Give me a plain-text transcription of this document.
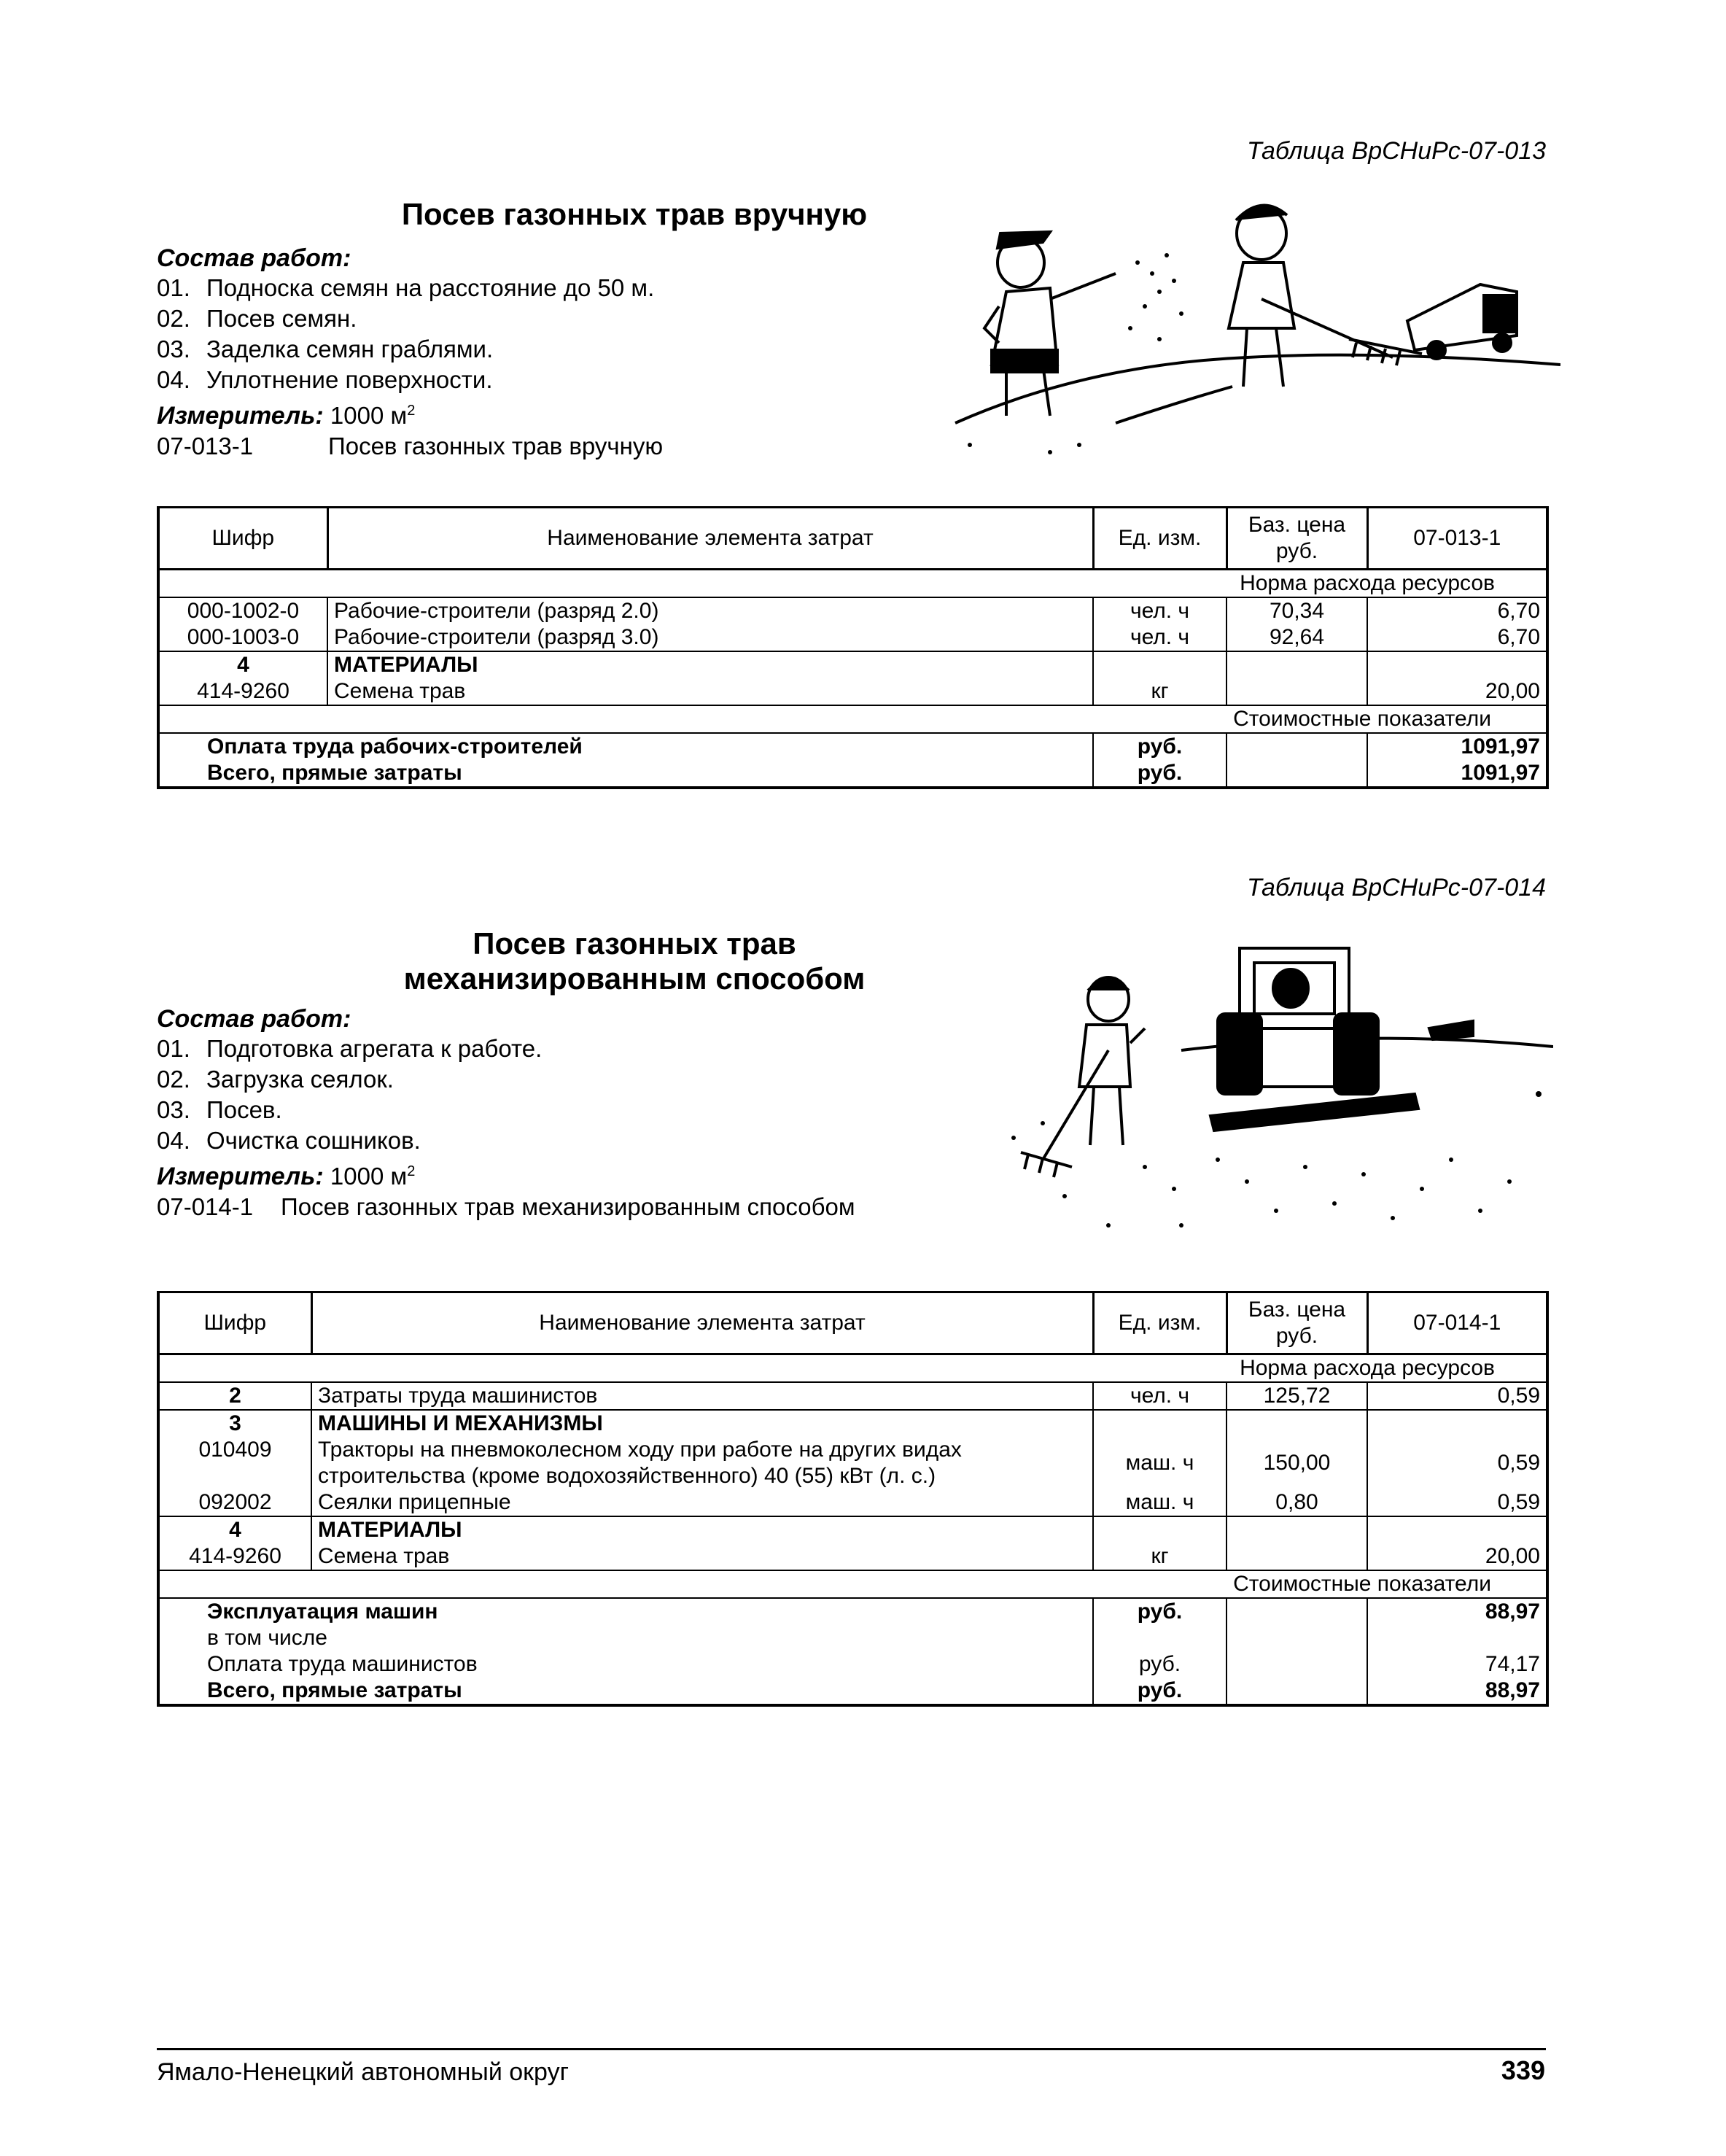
Таблица ВрСНиРс-07-013
Посев газонных трав вручную
Состав работ:
01. Подноска семян на расстояние до 50 м.
02. Посев семян.
03. Заделка семян граблями.
04. Уплотнение поверхности.
Измеритель: 1000 $м^2$
07-013-1	Посев газонных трав вручную
Шифр	Наименование элемента затрат	Ед. изм.	Баз. цена руб.	07-013-1
Норма расхода ресурсов				
000-1002-0	Рабочие-строители (разряд 2.0)	чел. ч	70,34	6,70
000-1003-0	Рабочие-строители (разряд 3.0)	чел. ч	92,64	6,70
4	МАТЕРИАЛЫ			
414-9260	Семена трав	кг		20,00
Стоимостные показатели				
Оплата труда рабочих-строителей		руб.		1091,97
Всего, прямые затраты		руб.		1091,97
Таблица ВрСНиРс-07-014
Посев газонных трав
механизированным способом
Состав работ:
01. Подготовка агрегата к работе.
02. Загрузка сеялок.
03. Посев.
04. Очистка сошников.
Измеритель: 1000 $м^2$
07-014-1 Посев газонных трав механизированным способом
Шифр	Наименование элемента затрат	Ед. изм.	Баз. цена руб.	07-014-1
Норма расхода ресурсов				
2	Затраты труда машинистов	чел. ч	125,72	0,59
3	МАШИНЫ И МЕХАНИЗМЫ			
010409	Тракторы на пневмоколесном ходу при работе на других видах строительства (кроме водохозяйственного) 40 (55) кВт (л. с.)	маш. ч	150,00	0,59
092002	Сеялки прицепные	маш. ч	0,80	0,59
4	МАТЕРИАЛЫ			
414-9260	Семена трав	кг		20,00
Стоимостные показатели				
Эксплуатация машин		руб.		88,97
в том числе				
Оплата труда машинистов		руб.		74,17
Всего, прямые затраты		руб.		88,97
Ямало-Ненецкий автономный округ	339
